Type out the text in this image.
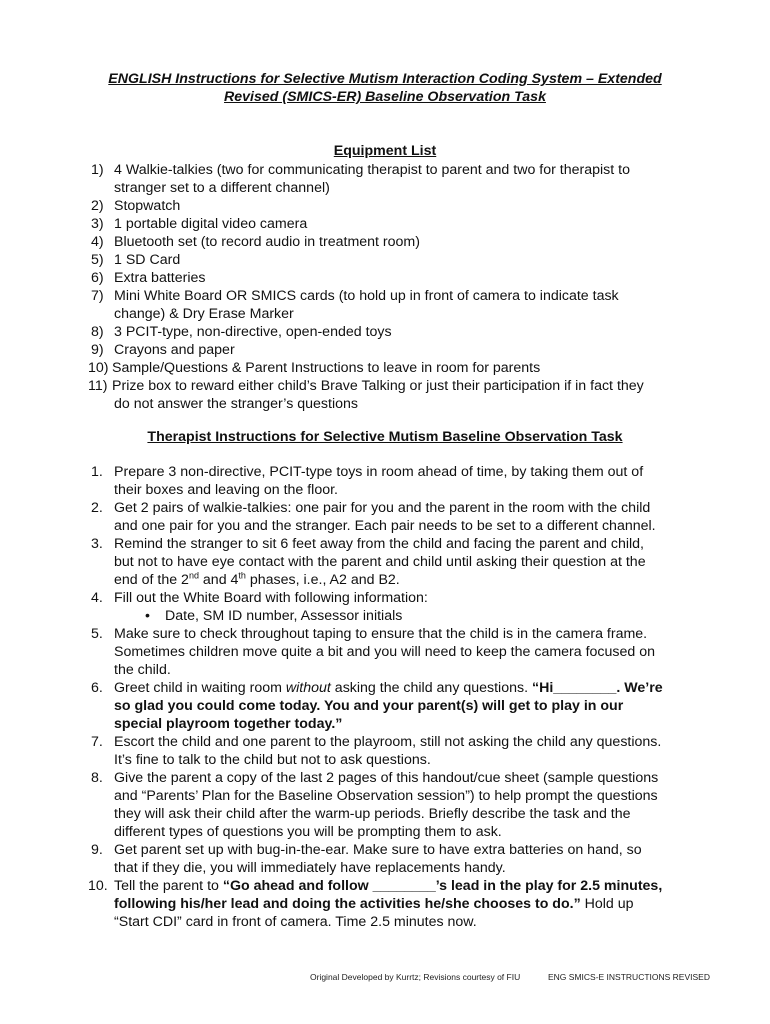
ENGLISH Instructions for Selective Mutism Interaction Coding System – Extended
Revised (SMICS-ER) Baseline Observation Task
Equipment List
1) 4 Walkie-talkies (two for communicating therapist to parent and two for therapist to
stranger set to a different channel)
2) Stopwatch
3) 1 portable digital video camera
4) Bluetooth set (to record audio in treatment room)
5) 1 SD Card
6) Extra batteries
7) Mini White Board OR SMICS cards (to hold up in front of camera to indicate task
change) & Dry Erase Marker
8) 3 PCIT-type, non-directive, open-ended toys
9) Crayons and paper
10) Sample/Questions & Parent Instructions to leave in room for parents
11) Prize box to reward either child’s Brave Talking or just their participation if in fact they
do not answer the stranger’s questions
Therapist Instructions for Selective Mutism Baseline Observation Task
1. Prepare 3 non-directive, PCIT-type toys in room ahead of time, by taking them out of
their boxes and leaving on the floor.
2. Get 2 pairs of walkie-talkies: one pair for you and the parent in the room with the child
and one pair for you and the stranger. Each pair needs to be set to a different channel.
3. Remind the stranger to sit 6 feet away from the child and facing the parent and child,
but not to have eye contact with the parent and child until asking their question at the
end of the 2nd and 4th phases, i.e., A2 and B2.
4. Fill out the White Board with following information:
• Date, SM ID number, Assessor initials
5. Make sure to check throughout taping to ensure that the child is in the camera frame.
Sometimes children move quite a bit and you will need to keep the camera focused on
the child.
6. Greet child in waiting room without asking the child any questions. “Hi________. We’re
so glad you could come today. You and your parent(s) will get to play in our
special playroom together today.”
7. Escort the child and one parent to the playroom, still not asking the child any questions.
It’s fine to talk to the child but not to ask questions.
8. Give the parent a copy of the last 2 pages of this handout/cue sheet (sample questions
and “Parents’ Plan for the Baseline Observation session”) to help prompt the questions
they will ask their child after the warm-up periods. Briefly describe the task and the
different types of questions you will be prompting them to ask.
9. Get parent set up with bug-in-the-ear. Make sure to have extra batteries on hand, so
that if they die, you will immediately have replacements handy.
10. Tell the parent to “Go ahead and follow ________’s lead in the play for 2.5 minutes,
following his/her lead and doing the activities he/she chooses to do.” Hold up
“Start CDI” card in front of camera. Time 2.5 minutes now.
Original Developed by Kurrtz; Revisions courtesy of FIU	ENG SMICS-E INSTRUCTIONS REVISED
